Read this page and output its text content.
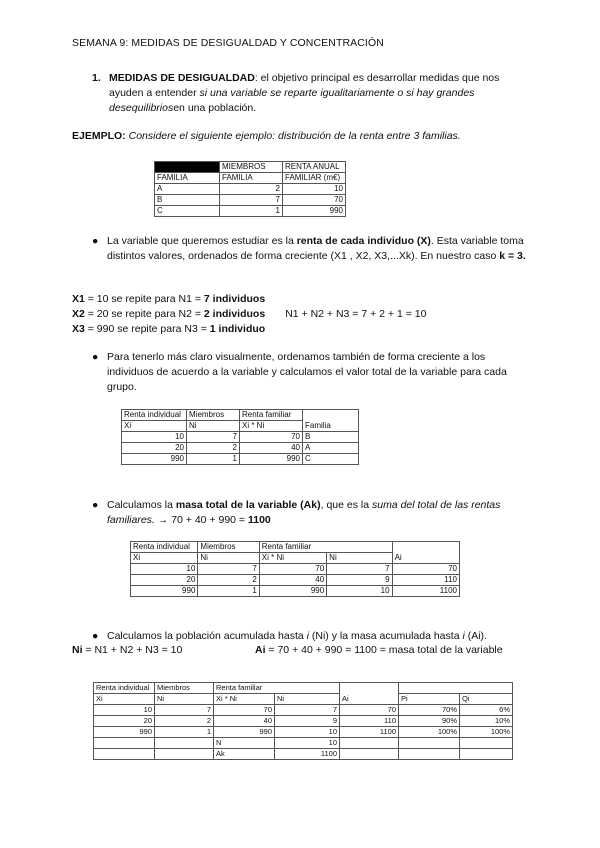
SEMANA 9: MEDIDAS DE DESIGUALDAD Y CONCENTRACIÓN
1. MEDIDAS DE DESIGUALDAD: el objetivo principal es desarrollar medidas que nos ayuden a entender si una variable se reparte igualitariamente o si hay grandes desequilibriosen una población.
EJEMPLO: Considere el siguiente ejemplo: distribución de la renta entre 3 familias.
	MIEMBROS	RENTA ANUAL
FAMILIA	FAMILIA	FAMILIAR (m€)
A	2	10
B	7	70
C	1	990
● La variable que queremos estudiar es la renta de cada individuo (X). Esta variable toma distintos valores, ordenados de forma creciente (X1 , X2, X3,...Xk). En nuestro caso k = 3.
X1 = 10 se repite para N1 = 7 individuos
X2 = 20 se repite para N2 = 2 individuos N1 + N2 + N3 = 7 + 2 + 1 = 10
X3 = 990 se repite para N3 = 1 individuo
● Para tenerlo más claro visualmente, ordenamos también de forma creciente a los individuos de acuerdo a la variable y calculamos el valor total de la variable para cada grupo.
Renta individual	Miembros	Renta familiar	
Xi	Ni	Xi * Ni	Familia
10	7	70	B
20	2	40	A
990	1	990	C
● Calculamos la masa total de la variable (Ak), que es la suma del total de las rentas familiares. → 70 + 40 + 990 = 1100
Renta individual	Miembros	Renta familiar		
Xi	Ni	Xi * Ni	Ni	Ai
10	7	70	7	70
20	2	40	9	110
990	1	990	10	1100
● Calculamos la población acumulada hasta i (Ni) y la masa acumulada hasta i (Ai).
Ni = N1 + N2 + N3 = 10	Ai = 70 + 40 + 990 = 1100 = masa total de la variable
Renta individual	Miembros	Renta familiar				
Xi	Ni	Xi * Ni	Ni	Ai	Pi	Qi
10	7	70	7	70	70%	6%
20	2	40	9	110	90%	10%
990	1	990	10	1100	100%	100%
		N	10			
		Ak	1100			
